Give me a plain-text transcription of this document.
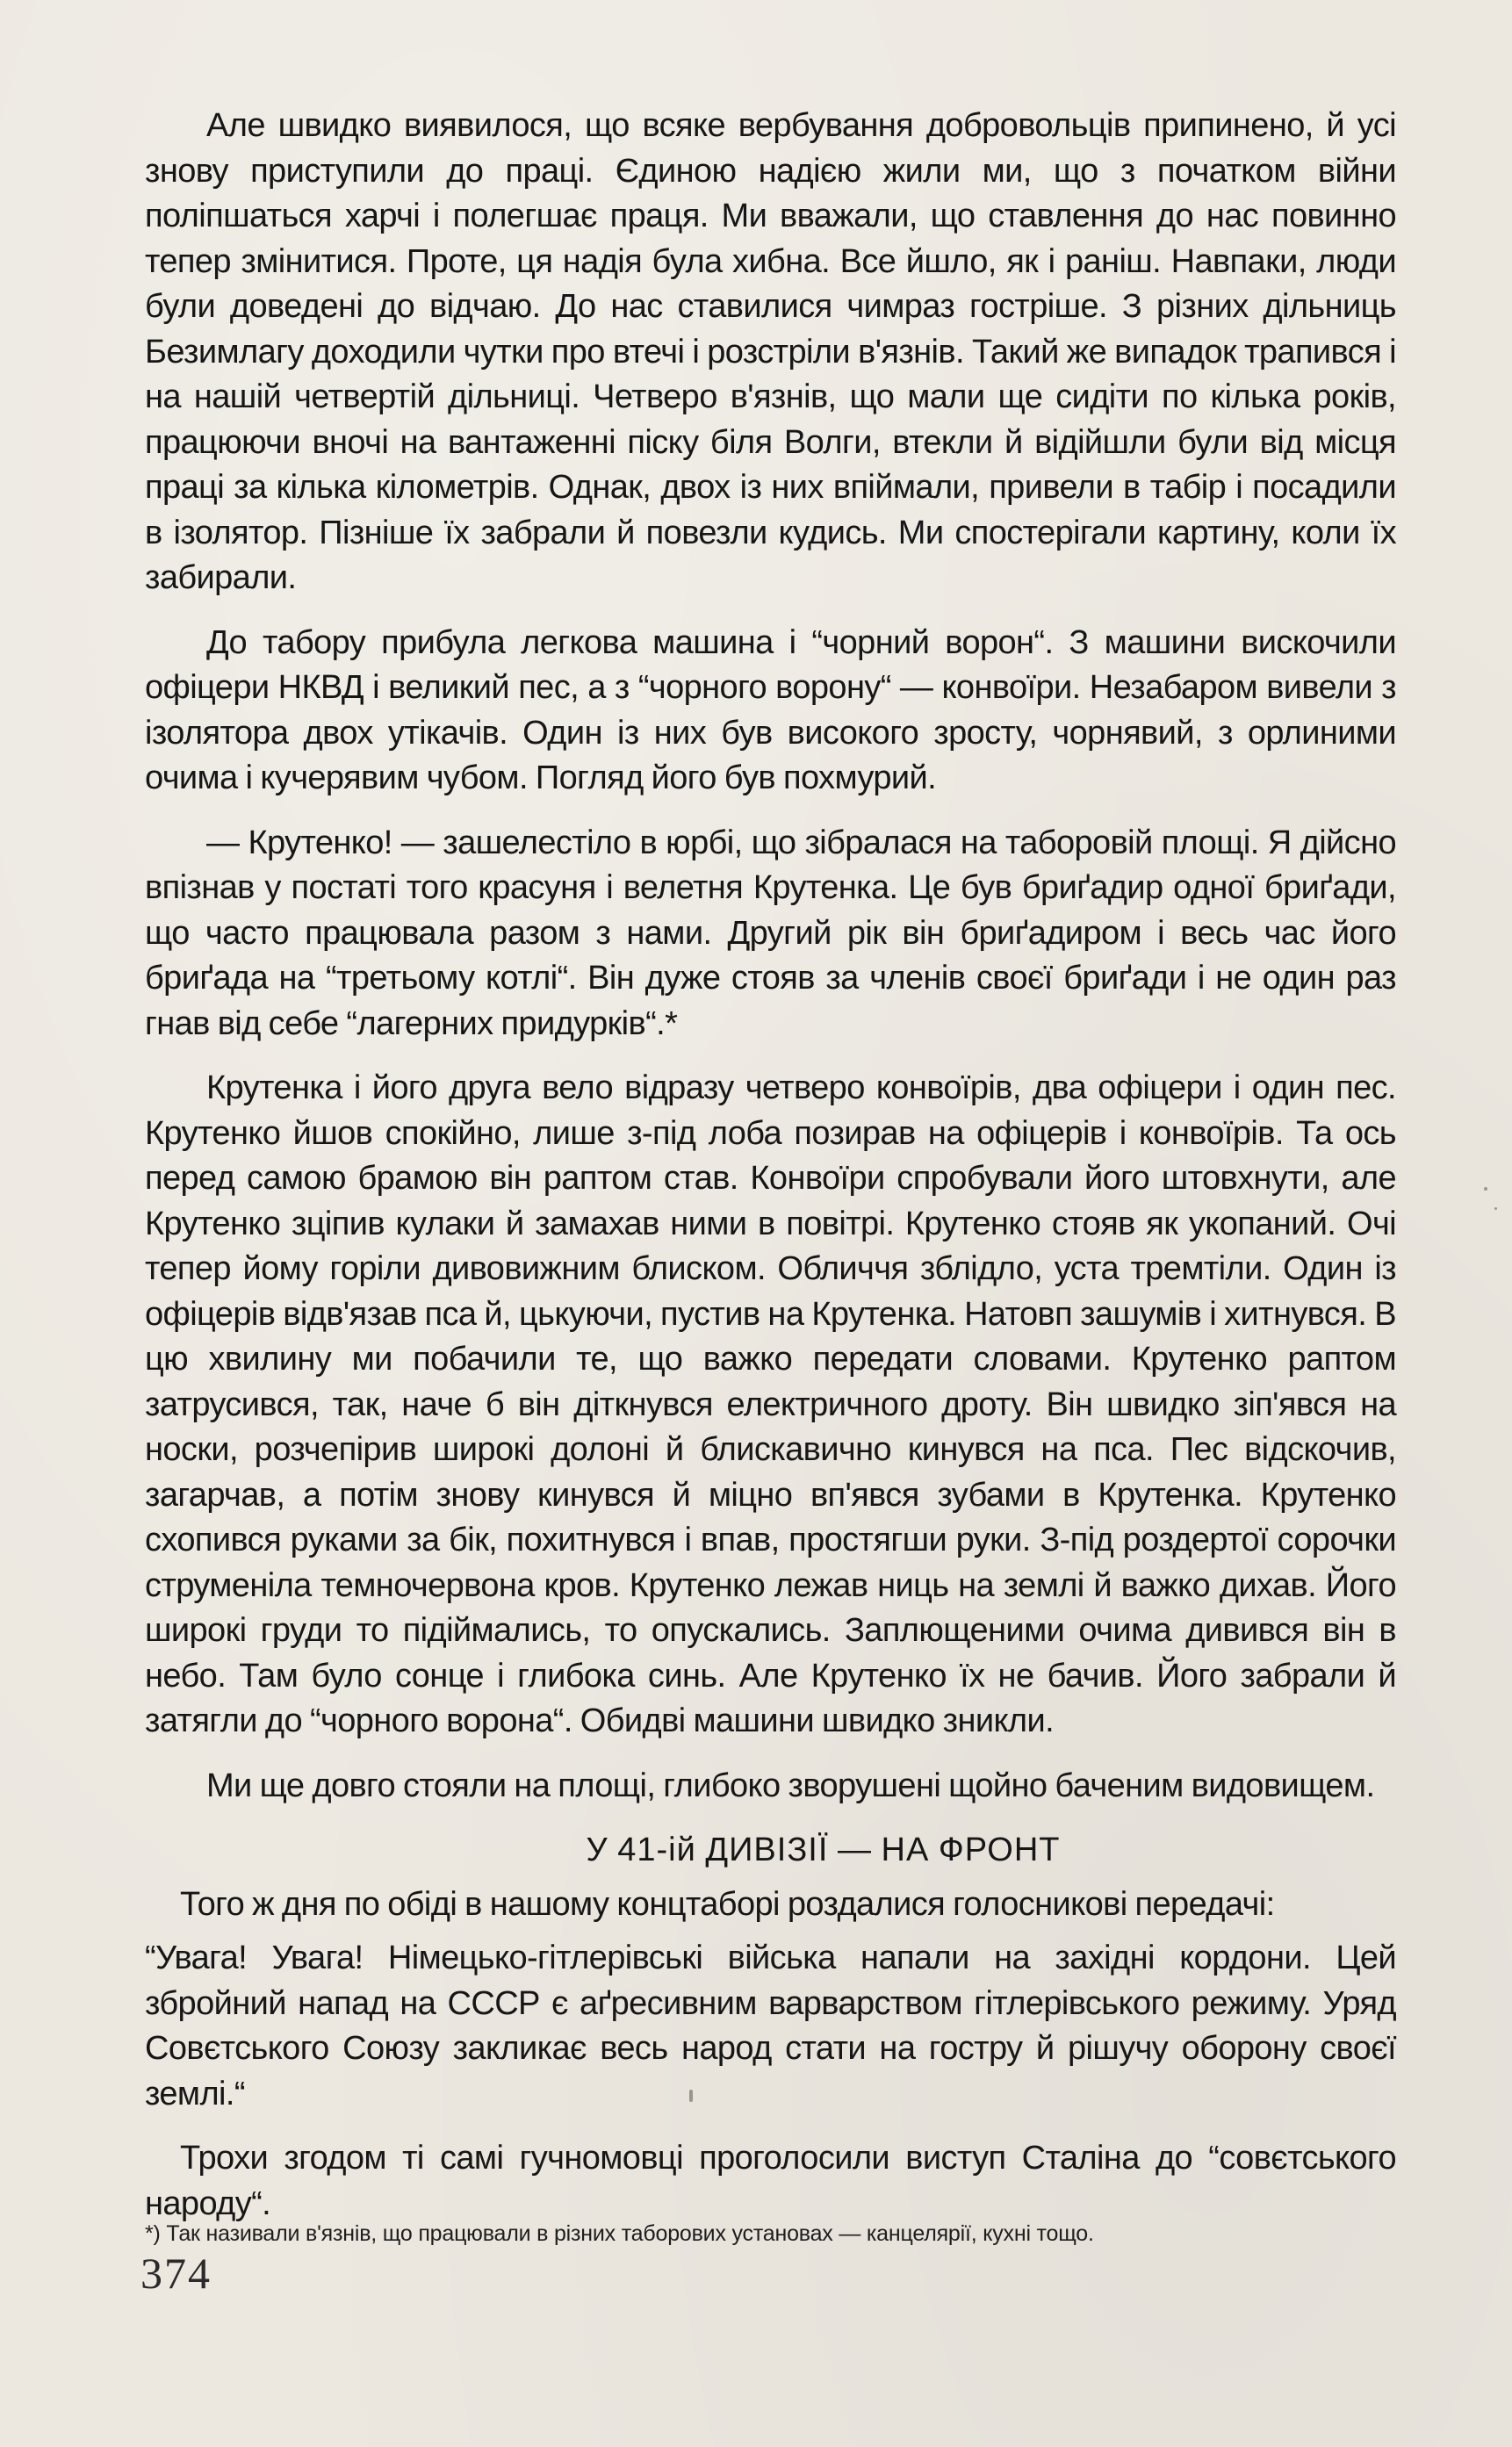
Але швидко виявилося, що всяке вербування добровольців припинено, й усі знову приступили до праці. Єдиною надією жили ми, що з початком війни поліпшаться харчі і полегшає праця. Ми вважали, що ставлення до нас повинно тепер змінитися. Проте, ця надія була хибна. Все йшло, як і раніш. Навпаки, люди були доведені до відчаю. До нас ставилися чимраз гостріше. З різних дільниць Безимлагу доходили чутки про втечі і розстріли в'язнів. Такий же випадок трапився і на нашій четвертій дільниці. Четверо в'язнів, що мали ще сидіти по кілька років, працюючи вночі на вантаженні піску біля Волги, втекли й відійшли були від місця праці за кілька кілометрів. Однак, двох із них впіймали, привели в табір і посадили в ізолятор. Пізніше їх забрали й повезли кудись. Ми спостерігали картину, коли їх забирали.

До табору прибула легкова машина і “чорний ворон“. З машини вискочили офіцери НКВД і великий пес, а з “чорного ворону“ — конвоїри. Незабаром вивели з ізолятора двох утікачів. Один із них був високого зросту, чорнявий, з орлиними очима і кучерявим чубом. Погляд його був похмурий.

— Крутенко! — зашелестіло в юрбі, що зібралася на таборовій площі. Я дійсно впізнав у постаті того красуня і велетня Крутенка. Це був бриґадир одної бриґади, що часто працювала разом з нами. Другий рік він бриґадиром і весь час його бриґада на “третьому котлі“. Він дуже стояв за членів своєї бриґади і не один раз гнав від себе “лагерних придурків“.*

Крутенка і його друга вело відразу четверо конвоїрів, два офіцери і один пес. Крутенко йшов спокійно, лише з-під лоба позирав на офіцерів і конвоїрів. Та ось перед самою брамою він раптом став. Конвоїри спробували його штовхнути, але Крутенко зціпив кулаки й замахав ними в повітрі. Крутенко стояв як укопаний. Очі тепер йому горіли дивовижним блиском. Обличчя зблідло, уста тремтіли. Один із офіцерів відв'язав пса й, цькуючи, пустив на Крутенка. Натовп зашумів і хитнувся. В цю хвилину ми побачили те, що важко передати словами. Крутенко раптом затрусився, так, наче б він діткнувся електричного дроту. Він швидко зіп'явся на носки, розчепірив широкі долоні й блискавично кинувся на пса. Пес відскочив, загарчав, а потім знову кинувся й міцно вп'явся зубами в Крутенка. Крутенко схопився руками за бік, похитнувся і впав, простягши руки. З-під роздертої сорочки струменіла темночервона кров. Крутенко лежав ниць на землі й важко дихав. Його широкі груди то підіймались, то опускались. Заплющеними очима дивився він в небо. Там було сонце і глибока синь. Але Крутенко їх не бачив. Його забрали й затягли до “чорного ворона“. Обидві машини швидко зникли.

Ми ще довго стояли на площі, глибоко зворушені щойно баченим видовищем.

У 41-ій ДИВІЗІЇ — НА ФРОНТ

Того ж дня по обіді в нашому концтаборі роздалися голосникові передачі:

“Увага! Увага! Німецько-гітлерівські війська напали на західні кордони. Цей збройний напад на СССР є аґресивним варварством гітлерівського режиму. Уряд Совєтського Союзу закликає весь народ стати на гостру й рішучу оборону своєї землі.“

Трохи згодом ті самі гучномовці проголосили виступ Сталіна до “совєтського народу“.

*) Так називали в'язнів, що працювали в різних таборових установах — канцелярії, кухні тощо.
374
